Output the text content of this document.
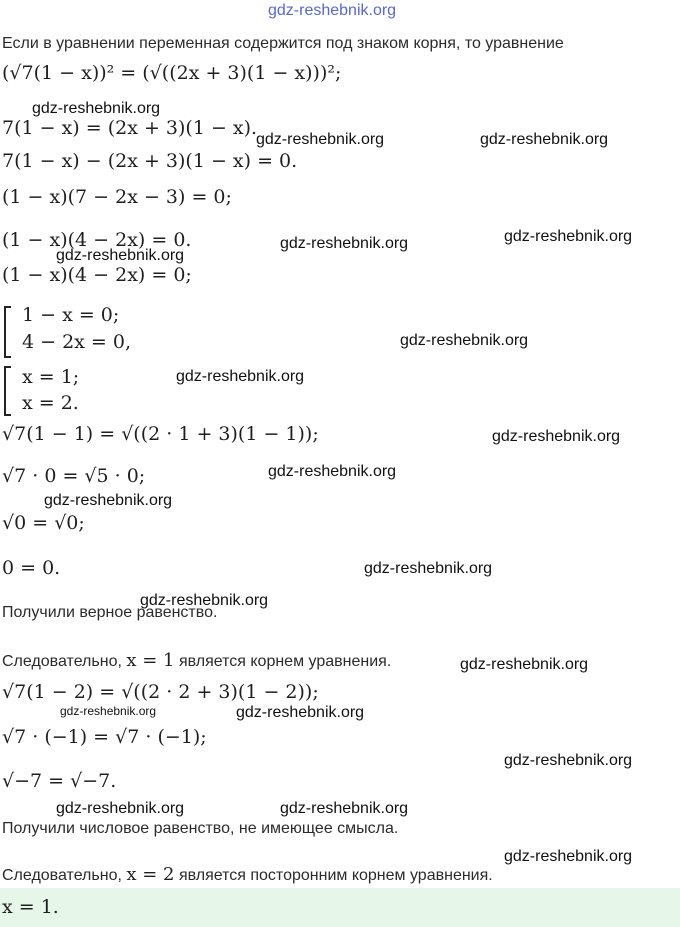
gdz-reshebnik.org
Если в уравнении переменная содержится под знаком корня, то уравнение
(√7(1 − x))² = (√((2x + 3)(1 − x)))²;
7(1 − x) = (2x + 3)(1 − x).
7(1 − x) − (2x + 3)(1 − x) = 0.
(1 − x)(7 − 2x − 3) = 0;
(1 − x)(4 − 2x) = 0.
(1 − x)(4 − 2x) = 0;
1 − x = 0;
4 − 2x = 0,
x = 1;
x = 2.
√7(1 − 1) = √((2 · 1 + 3)(1 − 1));
√7 · 0 = √5 · 0;
√0 = √0;
0 = 0.
Получили верное равенство.
Следовательно, x = 1 является корнем уравнения.
√7(1 − 2) = √((2 · 2 + 3)(1 − 2));
√7 · (−1) = √7 · (−1);
√−7 = √−7.
Получили числовое равенство, не имеющее смысла.
Следовательно, x = 2 является посторонним корнем уравнения.
x = 1.
gdz-reshebnik.org
gdz-reshebnik.org	gdz-reshebnik.org
gdz-reshebnik.org	gdz-reshebnik.org
gdz-reshebnik.org
gdz-reshebnik.org
gdz-reshebnik.org
gdz-reshebnik.org
gdz-reshebnik.org
gdz-reshebnik.org
gdz-reshebnik.org
gdz-reshebnik.org
gdz-reshebnik.org
gdz-reshebnik.org	gdz-reshebnik.org
gdz-reshebnik.org
gdz-reshebnik.org	gdz-reshebnik.org
gdz-reshebnik.org
